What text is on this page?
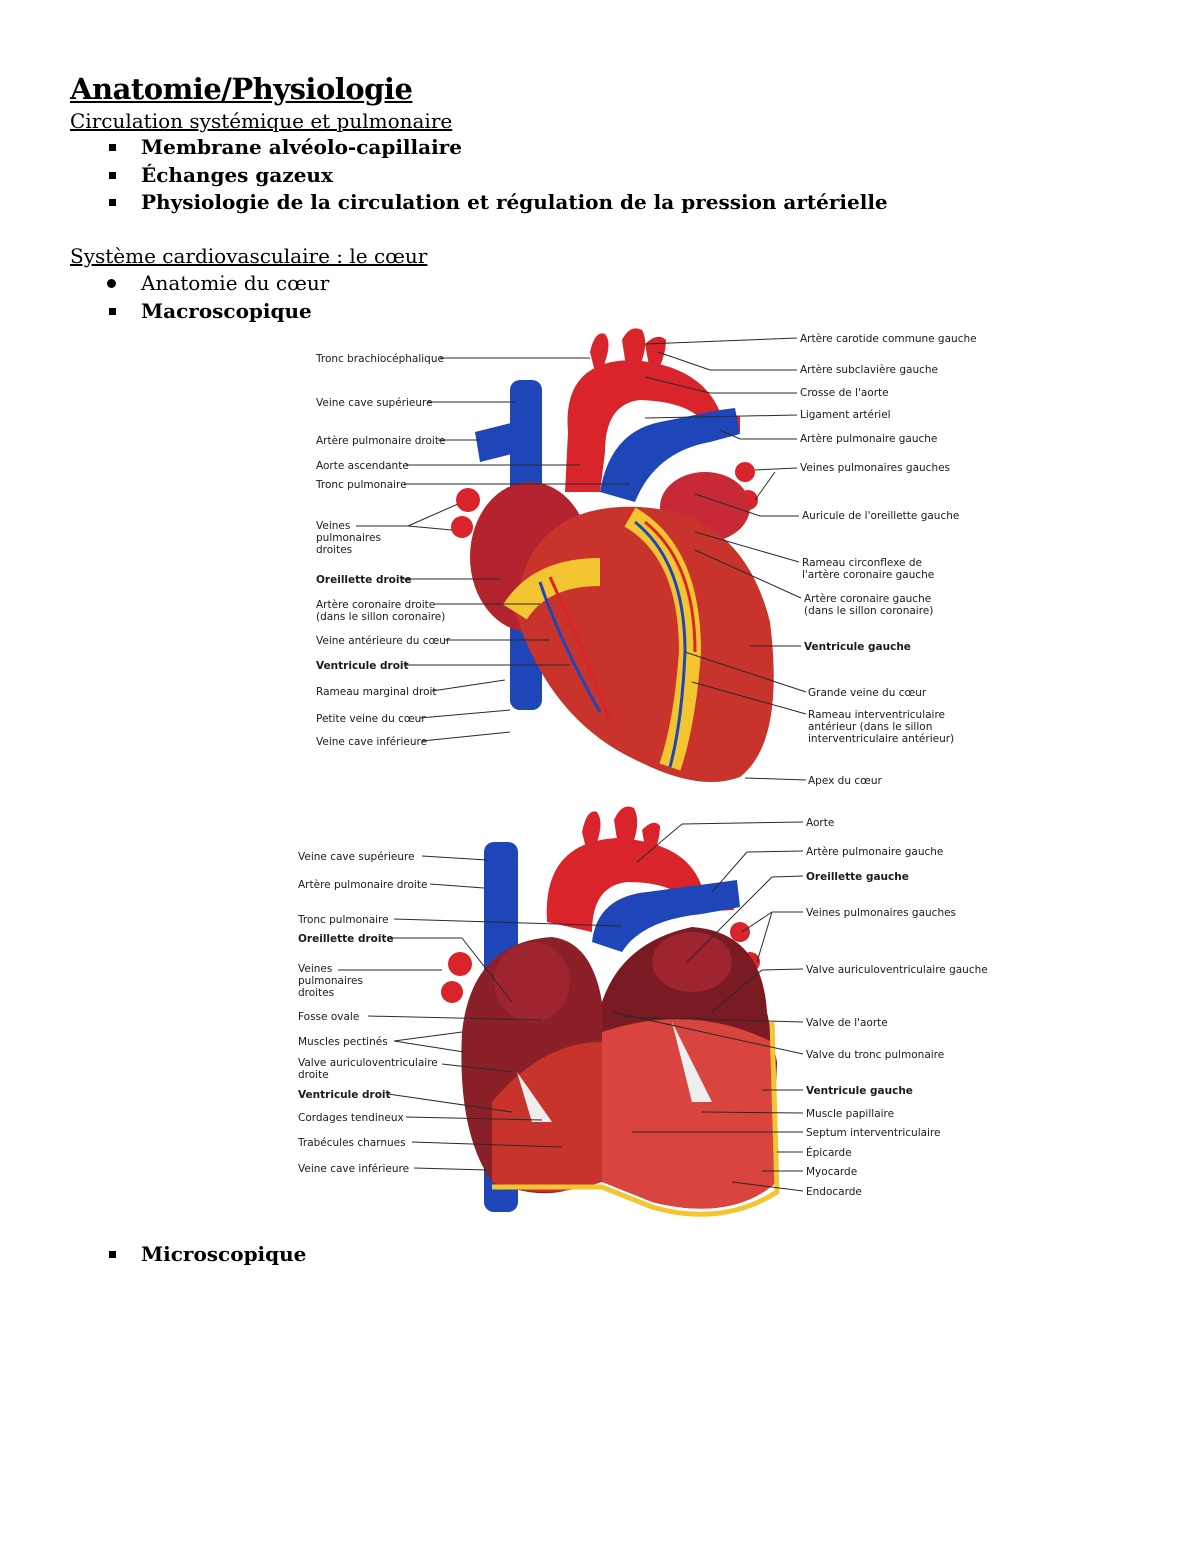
Anatomie/Physiologie
Circulation systémique et pulmonaire
Membrane alvéolo-capillaire
Échanges gazeux
Physiologie de la circulation et régulation de la pression artérielle
Système cardiovasculaire : le cœur
Anatomie du cœur
Macroscopique
Tronc brachiocéphalique
Veine cave supérieure
Artère pulmonaire droite
Aorte ascendante
Tronc pulmonaire
Veines
pulmonaires
droites
Oreillette droite
Artère coronaire droite
(dans le sillon coronaire)
Veine antérieure du cœur
Ventricule droit
Rameau marginal droit
Petite veine du cœur
Veine cave inférieure
Artère carotide commune gauche
Artère subclavière gauche
Crosse de l'aorte
Ligament artériel
Artère pulmonaire gauche
Veines pulmonaires gauches
Auricule de l'oreillette gauche
Rameau circonflexe de
l'artère coronaire gauche
Artère coronaire gauche
(dans le sillon coronaire)
Ventricule gauche
Grande veine du cœur
Rameau interventriculaire
antérieur (dans le sillon
interventriculaire antérieur)
Apex du cœur
Veine cave supérieure
Artère pulmonaire droite
Tronc pulmonaire
Oreillette droite
Veines
pulmonaires
droites
Fosse ovale
Muscles pectinés
Valve auriculoventriculaire
droite
Ventricule droit
Cordages tendineux
Trabécules charnues
Veine cave inférieure
Aorte
Artère pulmonaire gauche
Oreillette gauche
Veines pulmonaires gauches
Valve auriculoventriculaire gauche
Valve de l'aorte
Valve du tronc pulmonaire
Ventricule gauche
Muscle papillaire
Septum interventriculaire
Épicarde
Myocarde
Endocarde
Microscopique
